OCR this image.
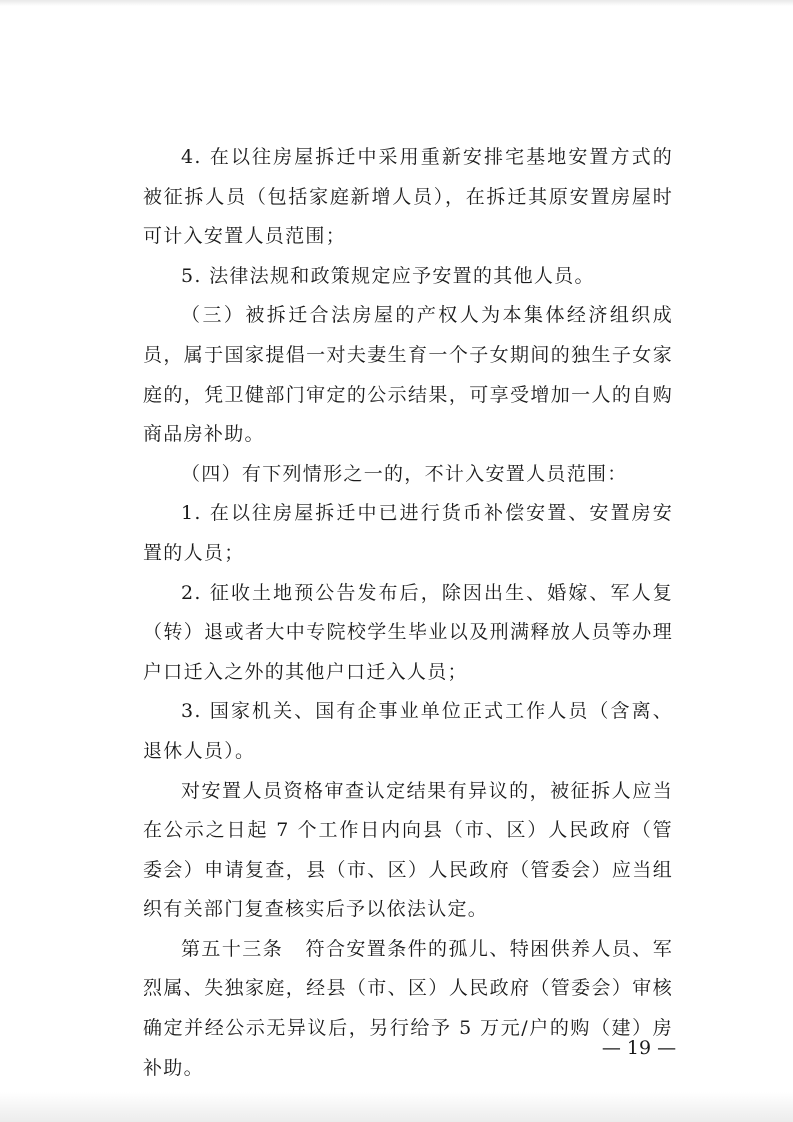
4. 在以往房屋拆迁中采用重新安排宅基地安置方式的被征拆人员（包括家庭新增人员），在拆迁其原安置房屋时可计入安置人员范围；

5. 法律法规和政策规定应予安置的其他人员。

（三）被拆迁合法房屋的产权人为本集体经济组织成员，属于国家提倡一对夫妻生育一个子女期间的独生子女家庭的，凭卫健部门审定的公示结果，可享受增加一人的自购商品房补助。

（四）有下列情形之一的，不计入安置人员范围：

1. 在以往房屋拆迁中已进行货币补偿安置、安置房安置的人员；

2. 征收土地预公告发布后，除因出生、婚嫁、军人复（转）退或者大中专院校学生毕业以及刑满释放人员等办理户口迁入之外的其他户口迁入人员；

3. 国家机关、国有企事业单位正式工作人员（含离、退休人员）。

对安置人员资格审查认定结果有异议的，被征拆人应当在公示之日起 7 个工作日内向县（市、区）人民政府（管委会）申请复查，县（市、区）人民政府（管委会）应当组织有关部门复查核实后予以依法认定。

第五十三条 符合安置条件的孤儿、特困供养人员、军烈属、失独家庭，经县（市、区）人民政府（管委会）审核确定并经公示无异议后，另行给予 5 万元/户的购（建）房补助。

— 19 —
